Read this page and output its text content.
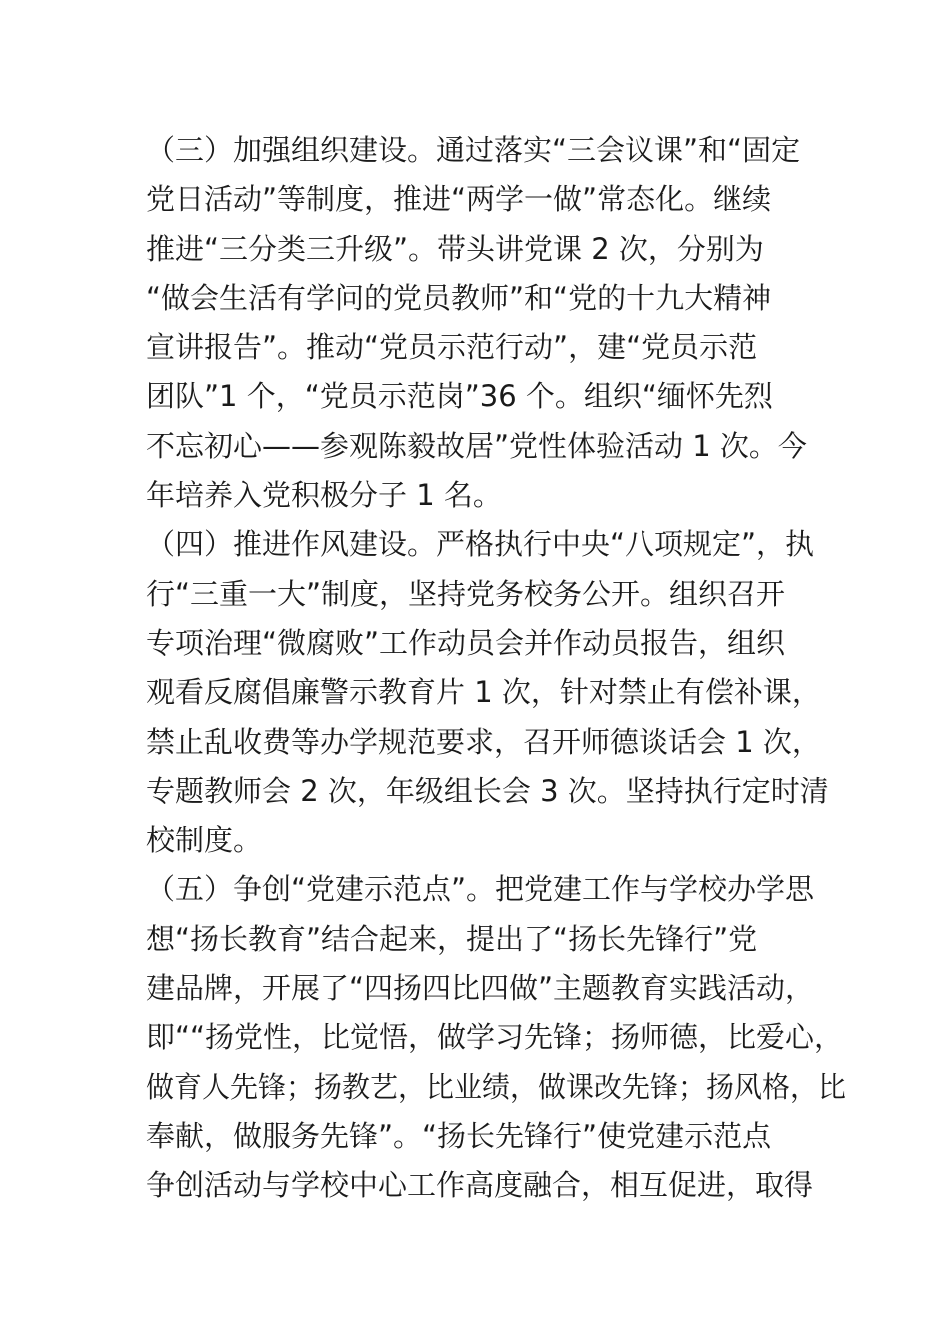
（三）加强组织建设。通过落实“三会议课”和“固定
党日活动”等制度，推进“两学一做”常态化。继续
推进“三分类三升级”。带头讲党课 2 次，分别为
“做会生活有学问的党员教师”和“党的十九大精神
宣讲报告”。推动“党员示范行动”，建“党员示范
团队”1 个，“党员示范岗”36 个。组织“缅怀先烈
不忘初心——参观陈毅故居”党性体验活动 1 次。今
年培养入党积极分子 1 名。
（四）推进作风建设。严格执行中央“八项规定”，执
行“三重一大”制度，坚持党务校务公开。组织召开
专项治理“微腐败”工作动员会并作动员报告，组织
观看反腐倡廉警示教育片 1 次，针对禁止有偿补课，
禁止乱收费等办学规范要求，召开师德谈话会 1 次，
专题教师会 2 次，年级组长会 3 次。坚持执行定时清
校制度。
（五）争创“党建示范点”。把党建工作与学校办学思
想“扬长教育”结合起来，提出了“扬长先锋行”党
建品牌，开展了“四扬四比四做”主题教育实践活动，
即““扬党性，比觉悟，做学习先锋；扬师德，比爱心，
做育人先锋；扬教艺，比业绩，做课改先锋；扬风格，比
奉献，做服务先锋”。“扬长先锋行”使党建示范点
争创活动与学校中心工作高度融合，相互促进，取得
